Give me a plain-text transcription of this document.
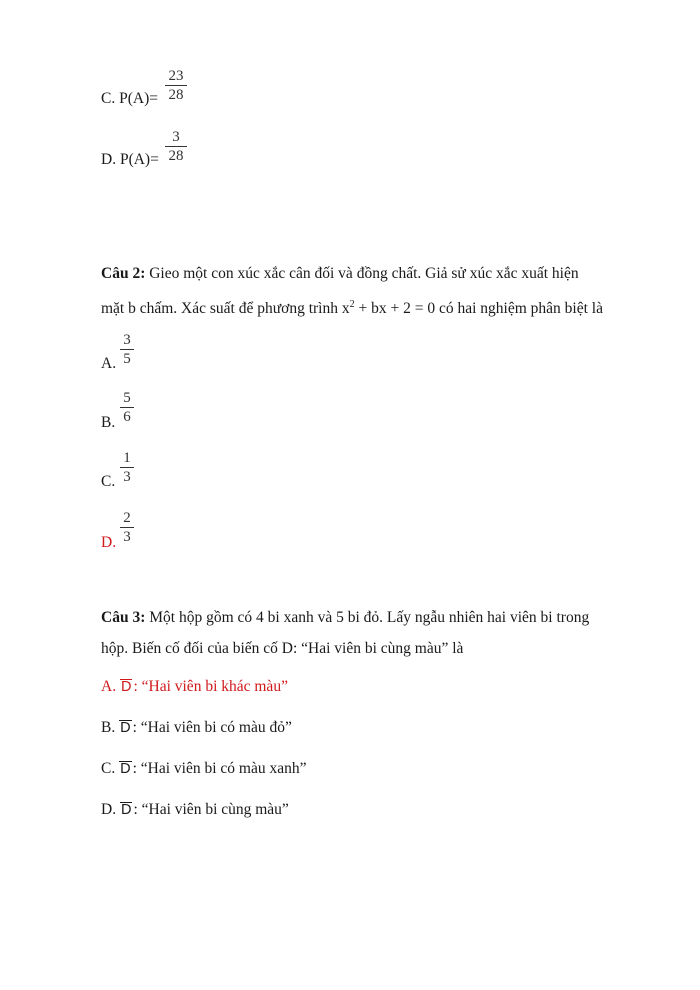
C. P(A)=
23
28
D. P(A)=
3
28
Câu 2: Gieo một con xúc xắc cân đối và đồng chất. Giả sử xúc xắc xuất hiện
mặt b chấm. Xác suất để phương trình $x^2$ + bx + 2 = 0 có hai nghiệm phân biệt là
A.
3
5
B.
5
6
C.
1
3
D.
2
3
Câu 3: Một hộp gồm có 4 bi xanh và 5 bi đỏ. Lấy ngẫu nhiên hai viên bi trong
hộp. Biến cố đối của biến cố D: “Hai viên bi cùng màu” là
A. D : “Hai viên bi khác màu”
B. D : “Hai viên bi có màu đỏ”
C. D : “Hai viên bi có màu xanh”
D. D : “Hai viên bi cùng màu”
